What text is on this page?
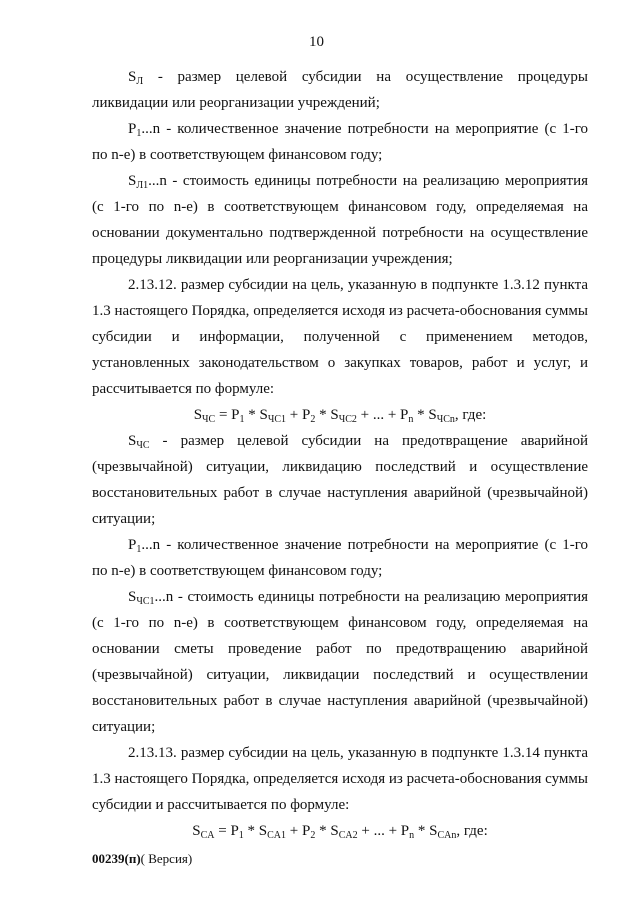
10

$S_Л$ - размер целевой субсидии на осуществление процедуры ликвидации или реорганизации учреждений;

$P_1...n$ - количественное значение потребности на мероприятие (с 1-го по n-е) в соответствующем финансовом году;

$S_{Л1}...n$ - стоимость единицы потребности на реализацию мероприятия (с 1-го по n-е) в соответствующем финансовом году, определяемая на основании документально подтвержденной потребности на осуществление процедуры ликвидации или реорганизации учреждения;

2.13.12. размер субсидии на цель, указанную в подпункте 1.3.12 пункта 1.3 настоящего Порядка, определяется исходя из расчета-обоснования суммы субсидии и информации, полученной с применением методов, установленных законодательством о закупках товаров, работ и услуг, и рассчитывается по формуле:

$S_{ЧС} = P_1 * S_{ЧС1} + P_2 * S_{ЧС2}$ + ... + $P_n * S_{ЧСn}$, где:

$S_{ЧС}$ - размер целевой субсидии на предотвращение аварийной (чрезвычайной) ситуации, ликвидацию последствий и осуществление восстановительных работ в случае наступления аварийной (чрезвычайной) ситуации;

$P_1...n$ - количественное значение потребности на мероприятие (с 1-го по n-е) в соответствующем финансовом году;

$S_{ЧС1}...n$ - стоимость единицы потребности на реализацию мероприятия (с 1-го по n-е) в соответствующем финансовом году, определяемая на основании сметы проведение работ по предотвращению аварийной (чрезвычайной) ситуации, ликвидации последствий и осуществлении восстановительных работ в случае наступления аварийной (чрезвычайной) ситуации;

2.13.13. размер субсидии на цель, указанную в подпункте 1.3.14 пункта 1.3 настоящего Порядка, определяется исходя из расчета-обоснования суммы субсидии и рассчитывается по формуле:

$S_{CA} = P_1 * S_{CA1} + P_2 * S_{CA2}$ + ... + $P_n * S_{CAn}$, где:

00239(п)( Версия)
